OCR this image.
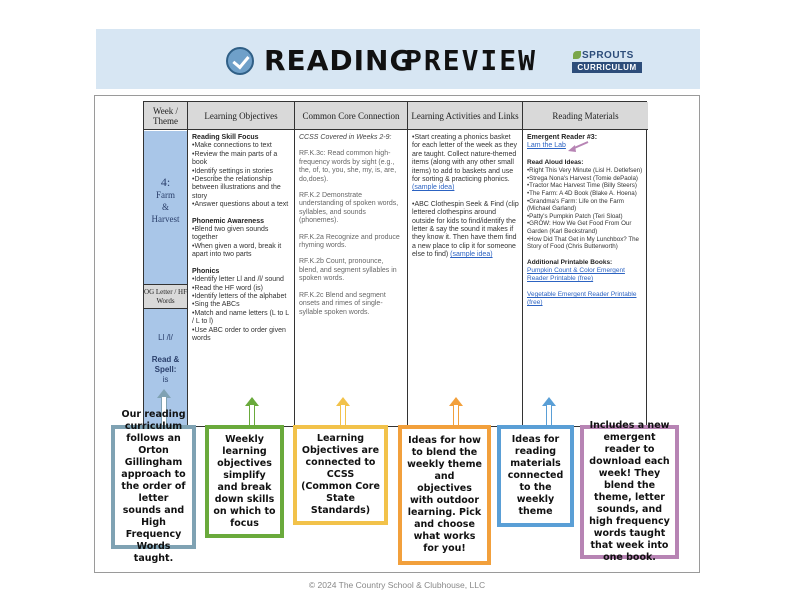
READING
PREVIEW	SPROUTS
CURRICULUM
Week / Theme
4:
Farm
&
Harvest
OG Letter / HF Words
Ll /l/
Read &
Spell:
is
Learning Objectives
Reading Skill Focus
•Make connections to text
•Review the main parts of a book
•Identify settings in stories
•Describe the relationship between illustrations and the story
•Answer questions about a text
Phonemic Awareness
•Blend two given sounds together
•When given a word, break it apart into two parts
Phonics
•Identify letter Ll and /l/ sound
•Read the HF word (is)
•Identify letters of the alphabet
•Sing the ABCs
•Match and name letters (L to L / L to l)
•Use ABC order to order given words
Common Core Connection
CCSS Covered in Weeks 2-9:
RF.K.3c: Read common high-frequency words by sight (e.g., the, of, to, you, she, my, is, are, do,does).
RF.K.2 Demonstrate understanding of spoken words, syllables, and sounds (phonemes).
RF.K.2a Recognize and produce rhyming words.
RF.K.2b Count, pronounce, blend, and segment syllables in spoken words.
RF.K.2c Blend and segment onsets and rimes of single-syllable spoken words.
Learning Activities and Links
•Start creating a phonics basket for each letter of the week as they are taught. Collect nature-themed items (along with any other small items) to add to baskets and use for sorting & practicing phonics. (sample idea)
•ABC Clothespin Seek & Find (clip lettered clothespins around outside for kids to find/identify the letter & say the sound it makes if they know it. Then have them find a new place to clip it for someone else to find) (sample idea)
Reading Materials
Emergent Reader #3:
Lam the Lab
Read Aloud Ideas:
•Right This Very Minute (Lisl H. Detlefsen)
•Strega Nona's Harvest (Tomie dePaola)
•Tractor Mac Harvest Time (Billy Steers)
•The Farm: A 4D Book (Blake A. Hoena)
•Grandma's Farm: Life on the Farm (Michael Garland)
•Patty's Pumpkin Patch (Teri Sloat)
•GROW: How We Get Food From Our Garden (Karl Beckstrand)
•How Did That Get in My Lunchbox? The Story of Food (Chris Butterworth)
Additional Printable Books:
Pumpkin Count & Color Emergent Reader Printable (free)
Vegetable Emergent Reader Printable (free)
Our reading curriculum follows an Orton Gillingham approach to the order of letter sounds and High Frequency Words taught.
Weekly learning objectives simplify and break down skills on which to focus
Learning Objectives are connected to CCSS (Common Core State Standards)
Ideas for how to blend the weekly theme and objectives with outdoor learning. Pick and choose what works for you!
Ideas for reading materials connected to the weekly theme
Includes a new emergent reader to download each week! They blend the theme, letter sounds, and high frequency words taught that week into one book.
© 2024 The Country School & Clubhouse, LLC
